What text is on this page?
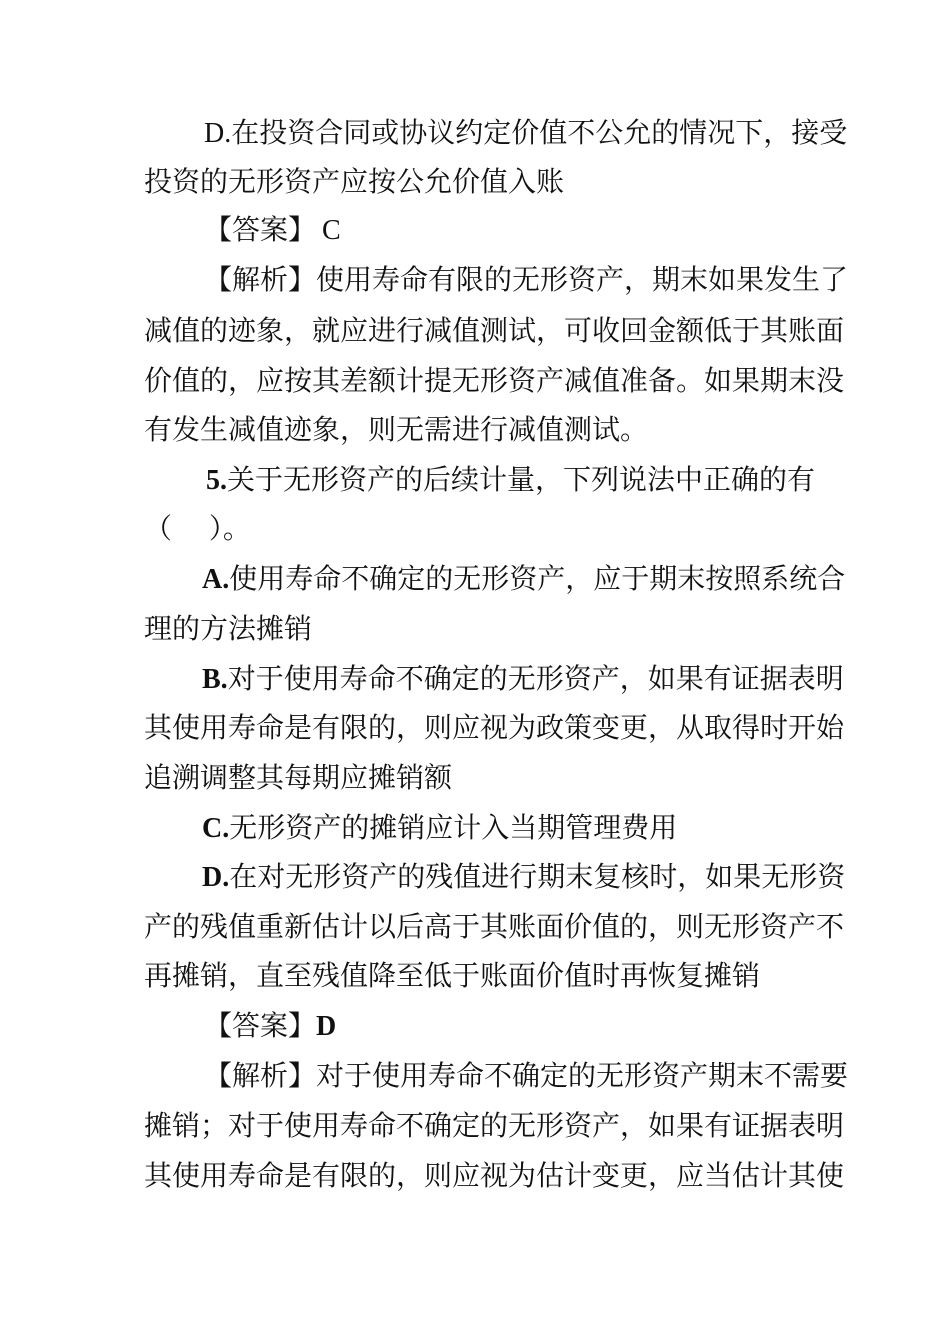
D.在投资合同或协议约定价值不公允的情况下，接受
投资的无形资产应按公允价值入账
【答案】 C
【解析】使用寿命有限的无形资产，期末如果发生了
减值的迹象，就应进行减值测试，可收回金额低于其账面
价值的，应按其差额计提无形资产减值准备。如果期末没
有发生减值迹象，则无需进行减值测试。
5.关于无形资产的后续计量，下列说法中正确的有
（　 ）。
A.使用寿命不确定的无形资产，应于期末按照系统合
理的方法摊销
B.对于使用寿命不确定的无形资产，如果有证据表明
其使用寿命是有限的，则应视为政策变更，从取得时开始
追溯调整其每期应摊销额
C.无形资产的摊销应计入当期管理费用
D.在对无形资产的残值进行期末复核时，如果无形资
产的残值重新估计以后高于其账面价值的，则无形资产不
再摊销，直至残值降至低于账面价值时再恢复摊销
【答案】D
【解析】对于使用寿命不确定的无形资产期末不需要
摊销；对于使用寿命不确定的无形资产，如果有证据表明
其使用寿命是有限的，则应视为估计变更，应当估计其使
